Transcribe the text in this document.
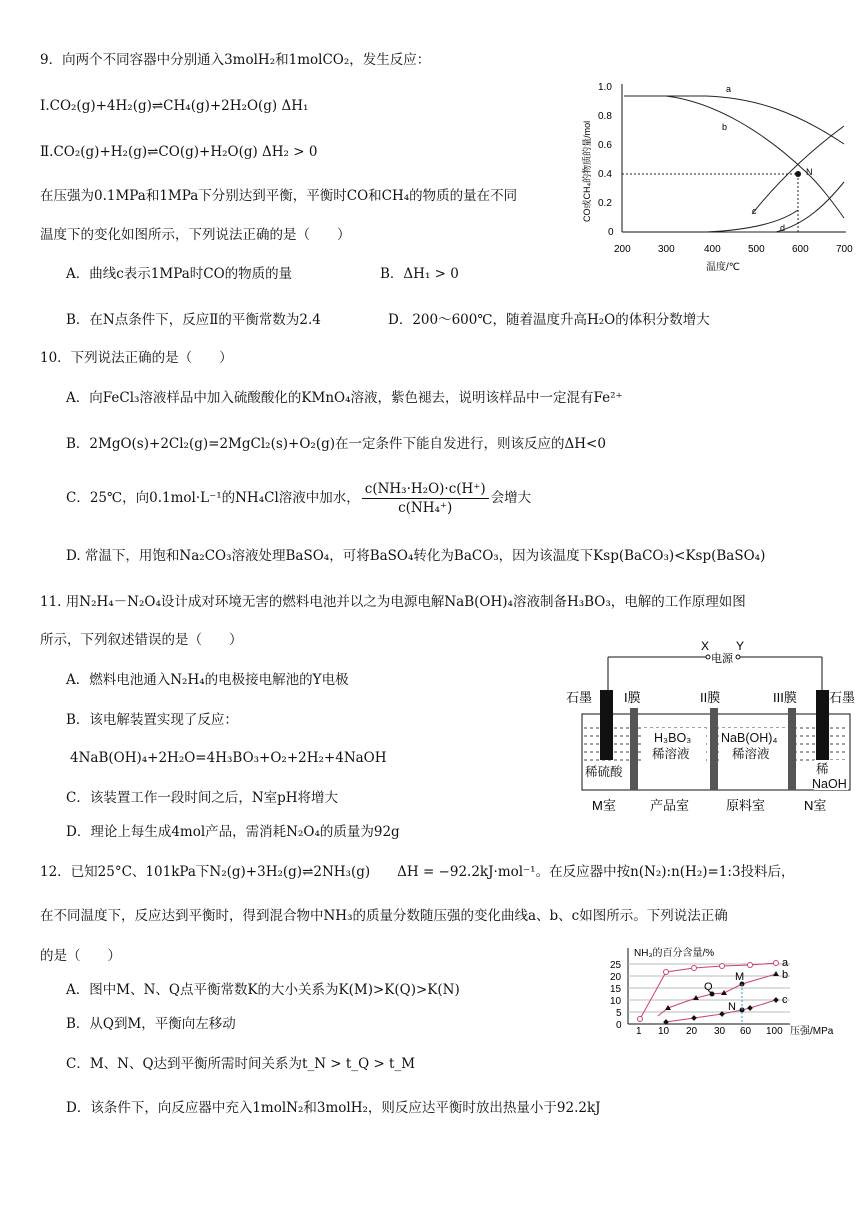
9．向两个不同容器中分别通入3molH₂和1molCO₂，发生反应：
Ⅰ.CO₂(g)+4H₂(g)⇌CH₄(g)+2H₂O(g) ΔH₁
Ⅱ.CO₂(g)+H₂(g)⇌CO(g)+H₂O(g) ΔH₂ > 0
在压强为0.1MPa和1MPa下分别达到平衡，平衡时CO和CH₄的物质的量在不同
温度下的变化如图所示，下列说法正确的是（　　）
A．曲线c表示1MPa时CO的物质的量	B．ΔH₁ > 0
B．在N点条件下，反应Ⅱ的平衡常数为2.4	D．200～600℃，随着温度升高H₂O的体积分数增大
CO或CH₄的物质的量/mol
1.0
0.8
0.6
0.4
0.2
0
200	300	400	500	600	700
温度/℃
a
b
c
d
N
10．下列说法正确的是（　　）
A．向FeCl₃溶液样品中加入硫酸酸化的KMnO₄溶液，紫色褪去，说明该样品中一定混有Fe²⁺
B．2MgO(s)+2Cl₂(g)=2MgCl₂(s)+O₂(g)在一定条件下能自发进行，则该反应的ΔH<0
C．25℃，向0.1mol·L⁻¹的NH₄Cl溶液中加水， $\frac{\text{c(NH₃·H₂O)·c(H⁺)}}{\text{c(NH₄⁺)}}$ 会增大
D. 常温下，用饱和Na₂CO₃溶液处理BaSO₄，可将BaSO₄转化为BaCO₃，因为该温度下Ksp(BaCO₃)<Ksp(BaSO₄)
11. 用N₂H₄－N₂O₄设计成对环境无害的燃料电池并以之为电源电解NaB(OH)₄溶液制备H₃BO₃，电解的工作原理如图
所示，下列叙述错误的是（　　）
A．燃料电池通入N₂H₄的电极接电解池的Y电极
B．该电解装置实现了反应：
4NaB(OH)₄+2H₂O=4H₃BO₃+O₂+2H₂+4NaOH
C．该装置工作一段时间之后，N室pH将增大
D．理论上每生成4mol产品，需消耗N₂O₄的质量为92g
X Y
电源
石墨	石墨
I膜	II膜	III膜
稀硫酸
H₃BO₃
稀溶液
NaB(OH)₄
稀溶液
稀
NaOH
M室	产品室	原料室	N室
12．已知25°C、101kPa下N₂(g)+3H₂(g)⇌2NH₃(g)　　ΔH = −92.2kJ·mol⁻¹。在反应器中按n(N₂):n(H₂)=1:3投料后，
在不同温度下，反应达到平衡时，得到混合物中NH₃的质量分数随压强的变化曲线a、b、c如图所示。下列说法正确
的是（　　）
A．图中M、N、Q点平衡常数K的大小关系为K(M)>K(Q)>K(N)
B．从Q到M，平衡向左移动
C．M、N、Q达到平衡所需时间关系为t_N > t_Q > t_M
D．该条件下，向反应器中充入1molN₂和3molH₂，则反应达平衡时放出热量小于92.2kJ
NH₃的百分含量/%
25
20
15
10
5
0
1 10 20 30 60 100 压强/MPa
a
b
c
M
N
Q
